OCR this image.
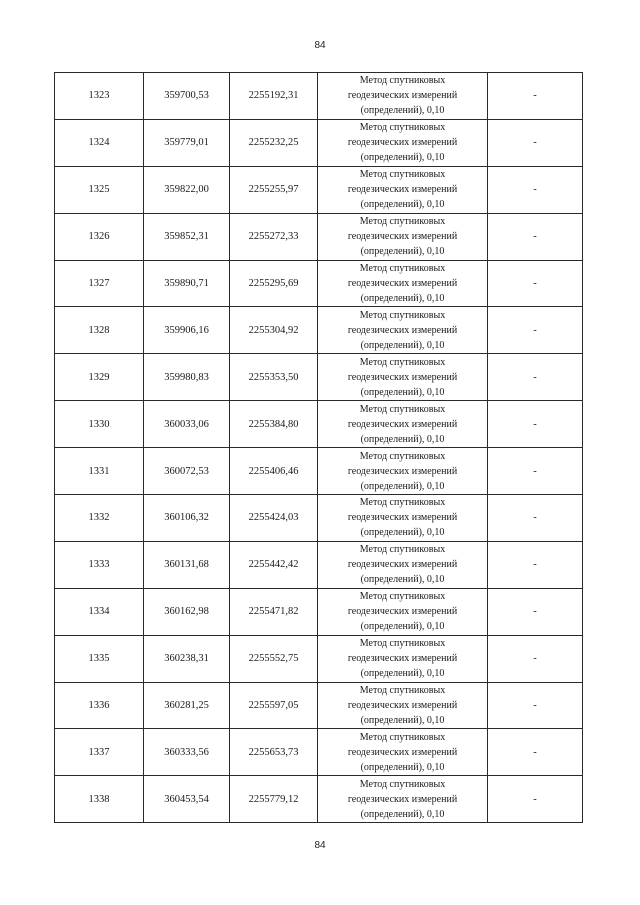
84
1323	359700,53	2255192,31	Метод спутниковых
геодезических измерений
(определений), 0,10	-
1324	359779,01	2255232,25	Метод спутниковых
геодезических измерений
(определений), 0,10	-
1325	359822,00	2255255,97	Метод спутниковых
геодезических измерений
(определений), 0,10	-
1326	359852,31	2255272,33	Метод спутниковых
геодезических измерений
(определений), 0,10	-
1327	359890,71	2255295,69	Метод спутниковых
геодезических измерений
(определений), 0,10	-
1328	359906,16	2255304,92	Метод спутниковых
геодезических измерений
(определений), 0,10	-
1329	359980,83	2255353,50	Метод спутниковых
геодезических измерений
(определений), 0,10	-
1330	360033,06	2255384,80	Метод спутниковых
геодезических измерений
(определений), 0,10	-
1331	360072,53	2255406,46	Метод спутниковых
геодезических измерений
(определений), 0,10	-
1332	360106,32	2255424,03	Метод спутниковых
геодезических измерений
(определений), 0,10	-
1333	360131,68	2255442,42	Метод спутниковых
геодезических измерений
(определений), 0,10	-
1334	360162,98	2255471,82	Метод спутниковых
геодезических измерений
(определений), 0,10	-
1335	360238,31	2255552,75	Метод спутниковых
геодезических измерений
(определений), 0,10	-
1336	360281,25	2255597,05	Метод спутниковых
геодезических измерений
(определений), 0,10	-
1337	360333,56	2255653,73	Метод спутниковых
геодезических измерений
(определений), 0,10	-
1338	360453,54	2255779,12	Метод спутниковых
геодезических измерений
(определений), 0,10	-
84
